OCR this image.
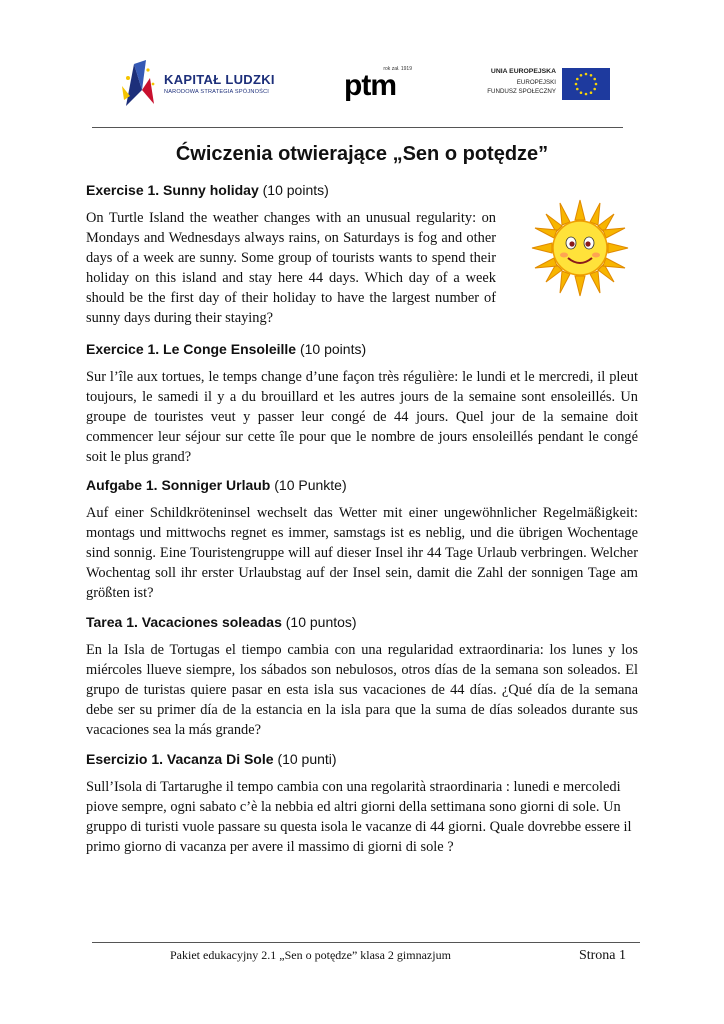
KAPITAŁ LUDZKI
NARODOWA STRATEGIA SPÓJNOŚCI
rok zał. 1919
ptm	UNIA EUROPEJSKA
EUROPEJSKI
FUNDUSZ SPOŁECZNY
Ćwiczenia otwierające „Sen o potędze”

Exercise 1. Sunny holiday (10 points)

On Turtle Island the weather changes with an unusual regularity: on Mondays and Wednesdays always rains, on Saturdays is fog and other days of a week are sunny. Some group of tourists wants to spend their holiday on this island and stay here 44 days. Which day of a week should be the first day of their holiday to have the largest number of sunny days during their staying?

Exercice 1. Le Conge Ensoleille (10 points)

Sur l’île aux tortues, le temps change d’une façon très régulière: le lundi et le mercredi, il pleut toujours, le samedi il y a du brouillard et les autres jours de la semaine sont ensoleillés. Un groupe de touristes veut y passer leur congé de 44 jours. Quel jour de la semaine doit commencer leur séjour sur cette île pour que le nombre de jours ensoleillés pendant le congé soit le plus grand?

Aufgabe 1. Sonniger Urlaub (10 Punkte)

Auf einer Schildkröteninsel wechselt das Wetter mit einer ungewöhnlicher Regelmäßigkeit: montags und mittwochs regnet es immer, samstags ist es neblig, und die übrigen Wochentage sind sonnig. Eine Touristengruppe will auf dieser Insel ihr 44 Tage Urlaub verbringen. Welcher Wochentag soll ihr erster Urlaubstag auf der Insel sein, damit die Zahl der sonnigen Tage am größten ist?

Tarea 1. Vacaciones soleadas (10 puntos)

En la Isla de Tortugas el tiempo cambia con una regularidad extraordinaria: los lunes y los miércoles llueve siempre, los sábados son nebulosos, otros días de la semana son soleados. El grupo de turistas quiere pasar en esta isla sus vacaciones de 44 días. ¿Qué día de la semana debe ser su primer día de la estancia en la isla para que la suma de días soleados durante sus vacaciones sea la más grande?

Esercizio 1. Vacanza Di Sole (10 punti)

Sull’Isola di Tartarughe il tempo cambia con una regolarità straordinaria : lunedi e mercoledi piove sempre, ogni sabato c’è la nebbia ed altri giorni della settimana sono giorni di sole. Un gruppo di turisti vuole passare su questa isola le vacanze di 44 giorni. Quale dovrebbe essere il primo giorno di vacanza per avere il massimo di giorni di sole ?

Pakiet edukacyjny 2.1 „Sen o potędze” klasa 2 gimnazjum	Strona 1
